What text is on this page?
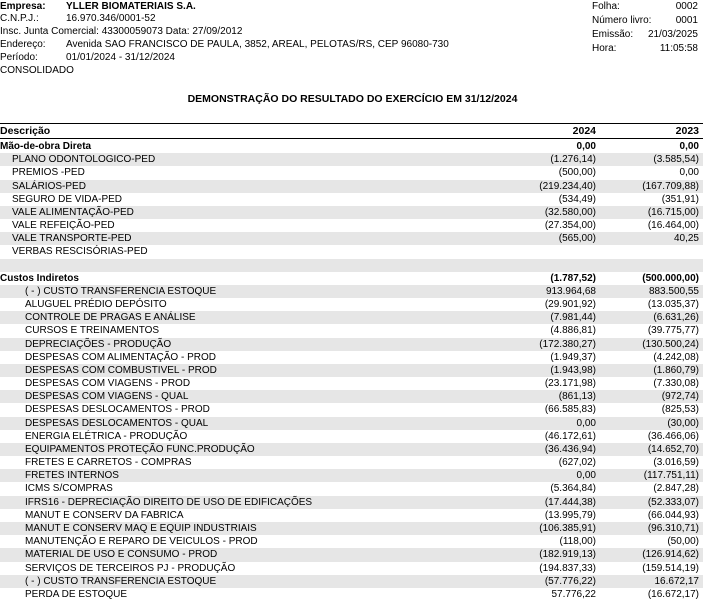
Empresa: YLLER BIOMATERIAIS S.A.
C.N.P.J.:	16.970.346/0001-52
Insc. Junta Comercial: 43300059073 Data: 27/09/2012
Endereço: Avenida SAO FRANCISCO DE PAULA, 3852, AREAL, PELOTAS/RS, CEP 96080-730
Período:	01/01/2024 - 31/12/2024
CONSOLIDADO
Folha:	0002
Número livro: 0001
Emissão: 21/03/2025
Hora:	11:05:58
DEMONSTRAÇÃO DO RESULTADO DO EXERCÍCIO EM 31/12/2024
Descrição	2024	2023
Mão-de-obra Direta	0,00	0,00
PLANO ODONTOLOGICO-PED	(1.276,14)	(3.585,54)
PREMIOS -PED	(500,00)	0,00
SALÁRIOS-PED	(219.234,40)	(167.709,88)
SEGURO DE VIDA-PED	(534,49)	(351,91)
VALE ALIMENTAÇÃO-PED	(32.580,00)	(16.715,00)
VALE REFEIÇÃO-PED	(27.354,00)	(16.464,00)
VALE TRANSPORTE-PED	(565,00)	40,25
VERBAS RESCISÓRIAS-PED
Custos Indiretos	(1.787,52)	(500.000,00)
( - ) CUSTO TRANSFERENCIA ESTOQUE	913.964,68	883.500,55
ALUGUEL PRÉDIO DEPÓSITO	(29.901,92)	(13.035,37)
CONTROLE DE PRAGAS E ANÁLISE	(7.981,44)	(6.631,26)
CURSOS E TREINAMENTOS	(4.886,81)	(39.775,77)
DEPRECIAÇÕES - PRODUÇÃO	(172.380,27)	(130.500,24)
DESPESAS COM ALIMENTAÇÃO - PROD	(1.949,37)	(4.242,08)
DESPESAS COM COMBUSTIVEL - PROD	(1.943,98)	(1.860,79)
DESPESAS COM VIAGENS - PROD	(23.171,98)	(7.330,08)
DESPESAS COM VIAGENS - QUAL	(861,13)	(972,74)
DESPESAS DESLOCAMENTOS - PROD	(66.585,83)	(825,53)
DESPESAS DESLOCAMENTOS - QUAL	0,00	(30,00)
ENERGIA ELÉTRICA - PRODUÇÃO	(46.172,61)	(36.466,06)
EQUIPAMENTOS PROTEÇÃO FUNC.PRODUÇÃO	(36.436,94)	(14.652,70)
FRETES E CARRETOS - COMPRAS	(627,02)	(3.016,59)
FRETES INTERNOS	0,00	(117.751,11)
ICMS S/COMPRAS	(5.364,84)	(2.847,28)
IFRS16 - DEPRECIAÇÃO DIREITO DE USO DE EDIFICAÇÕES	(17.444,38)	(52.333,07)
MANUT E CONSERV DA FABRICA	(13.995,79)	(66.044,93)
MANUT E CONSERV MAQ E EQUIP INDUSTRIAIS	(106.385,91)	(96.310,71)
MANUTENÇÃO E REPARO DE VEICULOS - PROD	(118,00)	(50,00)
MATERIAL DE USO E CONSUMO - PROD	(182.919,13)	(126.914,62)
SERVIÇOS DE TERCEIROS PJ - PRODUÇÃO	(194.837,33)	(159.514,19)
( - ) CUSTO TRANSFERENCIA ESTOQUE	(57.776,22)	16.672,17
PERDA DE ESTOQUE	57.776,22	(16.672,17)
